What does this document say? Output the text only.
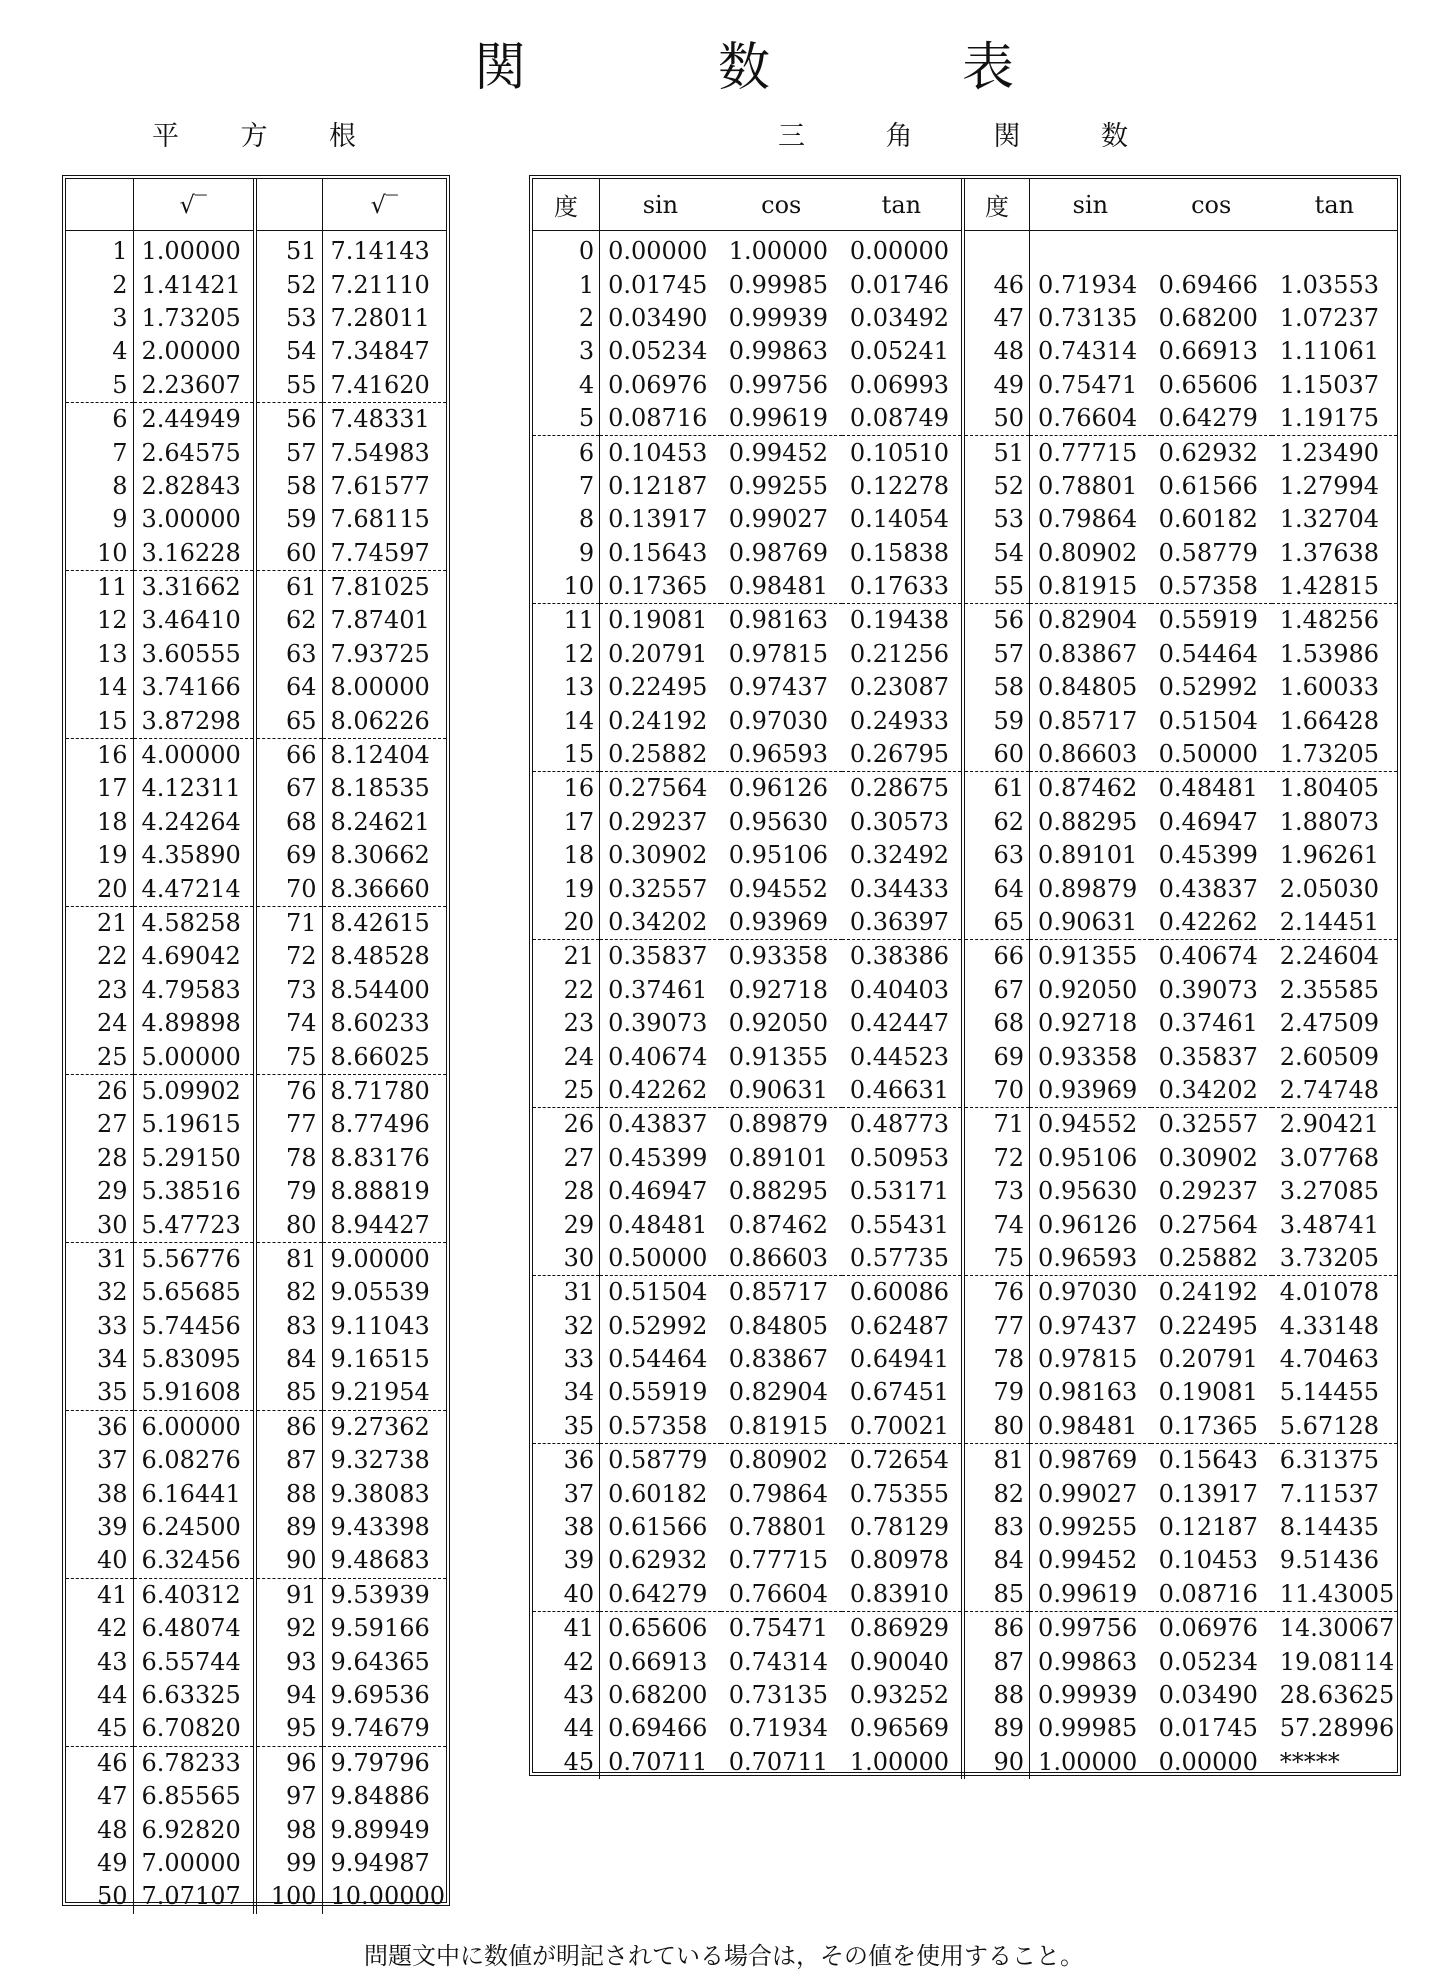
関	数	表
平 方 根	三	角	関	数
	√‾		√‾
1	1.00000	51	7.14143
2	1.41421	52	7.21110
3	1.73205	53	7.28011
4	2.00000	54	7.34847
5	2.23607	55	7.41620
6	2.44949	56	7.48331
7	2.64575	57	7.54983
8	2.82843	58	7.61577
9	3.00000	59	7.68115
10	3.16228	60	7.74597
11	3.31662	61	7.81025
12	3.46410	62	7.87401
13	3.60555	63	7.93725
14	3.74166	64	8.00000
15	3.87298	65	8.06226
16	4.00000	66	8.12404
17	4.12311	67	8.18535
18	4.24264	68	8.24621
19	4.35890	69	8.30662
20	4.47214	70	8.36660
21	4.58258	71	8.42615
22	4.69042	72	8.48528
23	4.79583	73	8.54400
24	4.89898	74	8.60233
25	5.00000	75	8.66025
26	5.09902	76	8.71780
27	5.19615	77	8.77496
28	5.29150	78	8.83176
29	5.38516	79	8.88819
30	5.47723	80	8.94427
31	5.56776	81	9.00000
32	5.65685	82	9.05539
33	5.74456	83	9.11043
34	5.83095	84	9.16515
35	5.91608	85	9.21954
36	6.00000	86	9.27362
37	6.08276	87	9.32738
38	6.16441	88	9.38083
39	6.24500	89	9.43398
40	6.32456	90	9.48683
41	6.40312	91	9.53939
42	6.48074	92	9.59166
43	6.55744	93	9.64365
44	6.63325	94	9.69536
45	6.70820	95	9.74679
46	6.78233	96	9.79796
47	6.85565	97	9.84886
48	6.92820	98	9.89949
49	7.00000	99	9.94987
50	7.07107	100	10.00000
度	sin	cos	tan	度	sin	cos	tan
0	0.00000	1.00000	0.00000				
1	0.01745	0.99985	0.01746	46	0.71934	0.69466	1.03553
2	0.03490	0.99939	0.03492	47	0.73135	0.68200	1.07237
3	0.05234	0.99863	0.05241	48	0.74314	0.66913	1.11061
4	0.06976	0.99756	0.06993	49	0.75471	0.65606	1.15037
5	0.08716	0.99619	0.08749	50	0.76604	0.64279	1.19175
6	0.10453	0.99452	0.10510	51	0.77715	0.62932	1.23490
7	0.12187	0.99255	0.12278	52	0.78801	0.61566	1.27994
8	0.13917	0.99027	0.14054	53	0.79864	0.60182	1.32704
9	0.15643	0.98769	0.15838	54	0.80902	0.58779	1.37638
10	0.17365	0.98481	0.17633	55	0.81915	0.57358	1.42815
11	0.19081	0.98163	0.19438	56	0.82904	0.55919	1.48256
12	0.20791	0.97815	0.21256	57	0.83867	0.54464	1.53986
13	0.22495	0.97437	0.23087	58	0.84805	0.52992	1.60033
14	0.24192	0.97030	0.24933	59	0.85717	0.51504	1.66428
15	0.25882	0.96593	0.26795	60	0.86603	0.50000	1.73205
16	0.27564	0.96126	0.28675	61	0.87462	0.48481	1.80405
17	0.29237	0.95630	0.30573	62	0.88295	0.46947	1.88073
18	0.30902	0.95106	0.32492	63	0.89101	0.45399	1.96261
19	0.32557	0.94552	0.34433	64	0.89879	0.43837	2.05030
20	0.34202	0.93969	0.36397	65	0.90631	0.42262	2.14451
21	0.35837	0.93358	0.38386	66	0.91355	0.40674	2.24604
22	0.37461	0.92718	0.40403	67	0.92050	0.39073	2.35585
23	0.39073	0.92050	0.42447	68	0.92718	0.37461	2.47509
24	0.40674	0.91355	0.44523	69	0.93358	0.35837	2.60509
25	0.42262	0.90631	0.46631	70	0.93969	0.34202	2.74748
26	0.43837	0.89879	0.48773	71	0.94552	0.32557	2.90421
27	0.45399	0.89101	0.50953	72	0.95106	0.30902	3.07768
28	0.46947	0.88295	0.53171	73	0.95630	0.29237	3.27085
29	0.48481	0.87462	0.55431	74	0.96126	0.27564	3.48741
30	0.50000	0.86603	0.57735	75	0.96593	0.25882	3.73205
31	0.51504	0.85717	0.60086	76	0.97030	0.24192	4.01078
32	0.52992	0.84805	0.62487	77	0.97437	0.22495	4.33148
33	0.54464	0.83867	0.64941	78	0.97815	0.20791	4.70463
34	0.55919	0.82904	0.67451	79	0.98163	0.19081	5.14455
35	0.57358	0.81915	0.70021	80	0.98481	0.17365	5.67128
36	0.58779	0.80902	0.72654	81	0.98769	0.15643	6.31375
37	0.60182	0.79864	0.75355	82	0.99027	0.13917	7.11537
38	0.61566	0.78801	0.78129	83	0.99255	0.12187	8.14435
39	0.62932	0.77715	0.80978	84	0.99452	0.10453	9.51436
40	0.64279	0.76604	0.83910	85	0.99619	0.08716	11.43005
41	0.65606	0.75471	0.86929	86	0.99756	0.06976	14.30067
42	0.66913	0.74314	0.90040	87	0.99863	0.05234	19.08114
43	0.68200	0.73135	0.93252	88	0.99939	0.03490	28.63625
44	0.69466	0.71934	0.96569	89	0.99985	0.01745	57.28996
45	0.70711	0.70711	1.00000	90	1.00000	0.00000	*****
問題文中に数値が明記されている場合は，その値を使用すること。
